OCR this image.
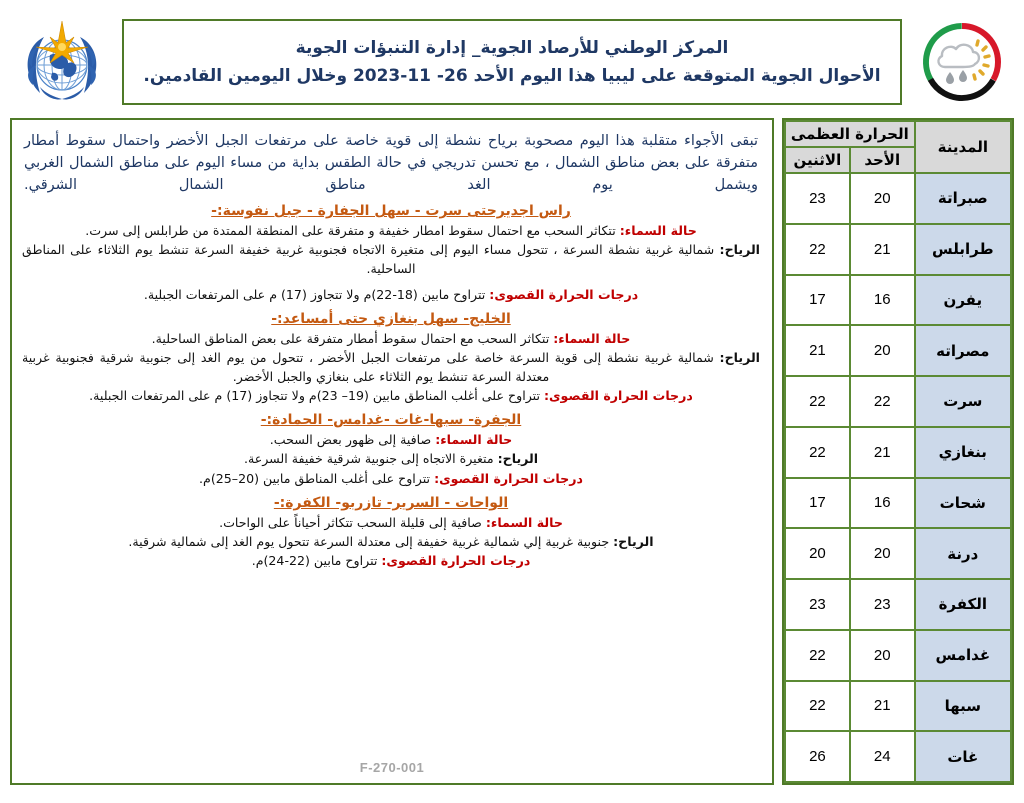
المركز الوطني للأرصاد الجوية_ إدارة التنبؤات الجوية
الأحوال الجوية المتوقعة على ليبيا هذا اليوم الأحد 26- 11-2023 وخلال اليومين القادمين.
تبقى الأجواء متقلبة هذا اليوم مصحوبة برياح نشطة إلى قوية خاصة على مرتفعات الجبل الأخضر واحتمال سقوط أمطار متفرقة على بعض مناطق الشمال ، مع تحسن تدريجي في حالة الطقس بداية من مساء اليوم على مناطق الشمال الغربي ويشمل يوم الغد مناطق الشمال الشرقي.
راس اجديرحتى سرت - سهل الجفارة - جبل نفوسة:-
حالة السماء: تتكاثر السحب مع احتمال سقوط امطار خفيفة و متفرقة على المنطقة الممتدة من طرابلس إلى سرت.
الرياح: شمالية غربية نشطة السرعة ، تتحول مساء اليوم إلى متغيرة الاتجاه فجنوبية غربية خفيفة السرعة تنشط يوم الثلاثاء على المناطق الساحلية.
درجات الحرارة القصوى: تتراوح مابين (18-22)م ولا تتجاوز (17) م على المرتفعات الجبلية.
الخليج- سهل بنغازي حتى أمساعد:-
حالة السماء: تتكاثر السحب مع احتمال سقوط أمطار متفرقة على بعض المناطق الساحلية.
الرياح: شمالية غربية نشطة إلى قوية السرعة خاصة على مرتفعات الجبل الأخضر ، تتحول من يوم الغد إلى جنوبية شرقية فجنوبية غربية معتدلة السرعة تنشط يوم الثلاثاء على بنغازي والجبل الأخضر.
درجات الحرارة القصوى: تتراوح على أغلب المناطق مابين (19– 23)م ولا تتجاوز (17) م على المرتفعات الجبلية.
الجفرة- سبها-غات -غدامس- الحمادة:-
حالة السماء: صافية إلى ظهور بعض السحب.
الرياح: متغيرة الاتجاه إلى جنوبية شرقية خفيفة السرعة.
درجات الحرارة القصوى: تتراوح على أغلب المناطق مابين (20–25)م.
الواحات - السرير- تازربو- الكفرة:-
حالة السماء: صافية إلى قليلة السحب تتكاثر أحياناً على الواحات.
الرياح: جنوبية غربية إلي شمالية غربية خفيفة إلى معتدلة السرعة تتحول يوم الغد إلى شمالية شرقية.
درجات الحرارة القصوى: تتراوح مابين (22-24)م.
F-270-001
المدينة	الحرارة العظمى	
	الأحد	الاثنين
صبراتة	20	23
طرابلس	21	22
يفرن	16	17
مصراته	20	21
سرت	22	22
بنغازي	21	22
شحات	16	17
درنة	20	20
الكفرة	23	23
غدامس	20	22
سبها	21	22
غات	24	26
